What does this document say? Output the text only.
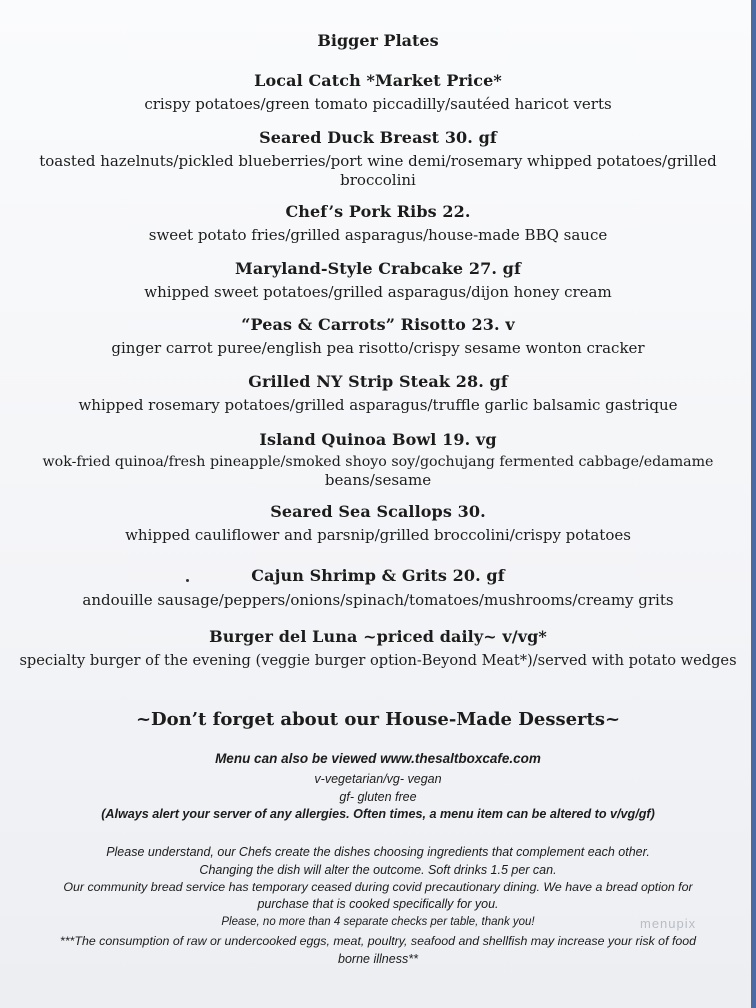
Bigger Plates
Local Catch *Market Price*
crispy potatoes/green tomato piccadilly/sautéed haricot verts
Seared Duck Breast 30. gf
toasted hazelnuts/pickled blueberries/port wine demi/rosemary whipped potatoes/grilled
broccolini
Chef’s Pork Ribs 22.
sweet potato fries/grilled asparagus/house-made BBQ sauce
Maryland-Style Crabcake 27. gf
whipped sweet potatoes/grilled asparagus/dijon honey cream
“Peas & Carrots” Risotto 23. v
ginger carrot puree/english pea risotto/crispy sesame wonton cracker
Grilled NY Strip Steak 28. gf
whipped rosemary potatoes/grilled asparagus/truffle garlic balsamic gastrique
Island Quinoa Bowl 19. vg
wok-fried quinoa/fresh pineapple/smoked shoyo soy/gochujang fermented cabbage/edamame
beans/sesame
Seared Sea Scallops 30.
whipped cauliflower and parsnip/grilled broccolini/crispy potatoes
Cajun Shrimp & Grits 20. gf
andouille sausage/peppers/onions/spinach/tomatoes/mushrooms/creamy grits
Burger del Luna ~priced daily~ v/vg*
specialty burger of the evening (veggie burger option-Beyond Meat*)/served with potato wedges
~Don’t forget about our House-Made Desserts~
Menu can also be viewed www.thesaltboxcafe.com
v-vegetarian/vg- vegan
gf- gluten free
(Always alert your server of any allergies. Often times, a menu item can be altered to v/vg/gf)
Please understand, our Chefs create the dishes choosing ingredients that complement each other.
Changing the dish will alter the outcome. Soft drinks 1.5 per can.
Our community bread service has temporary ceased during covid precautionary dining. We have a bread option for
purchase that is cooked specifically for you.
Please, no more than 4 separate checks per table, thank you!
***The consumption of raw or undercooked eggs, meat, poultry, seafood and shellfish may increase your risk of food
borne illness**
menupix
